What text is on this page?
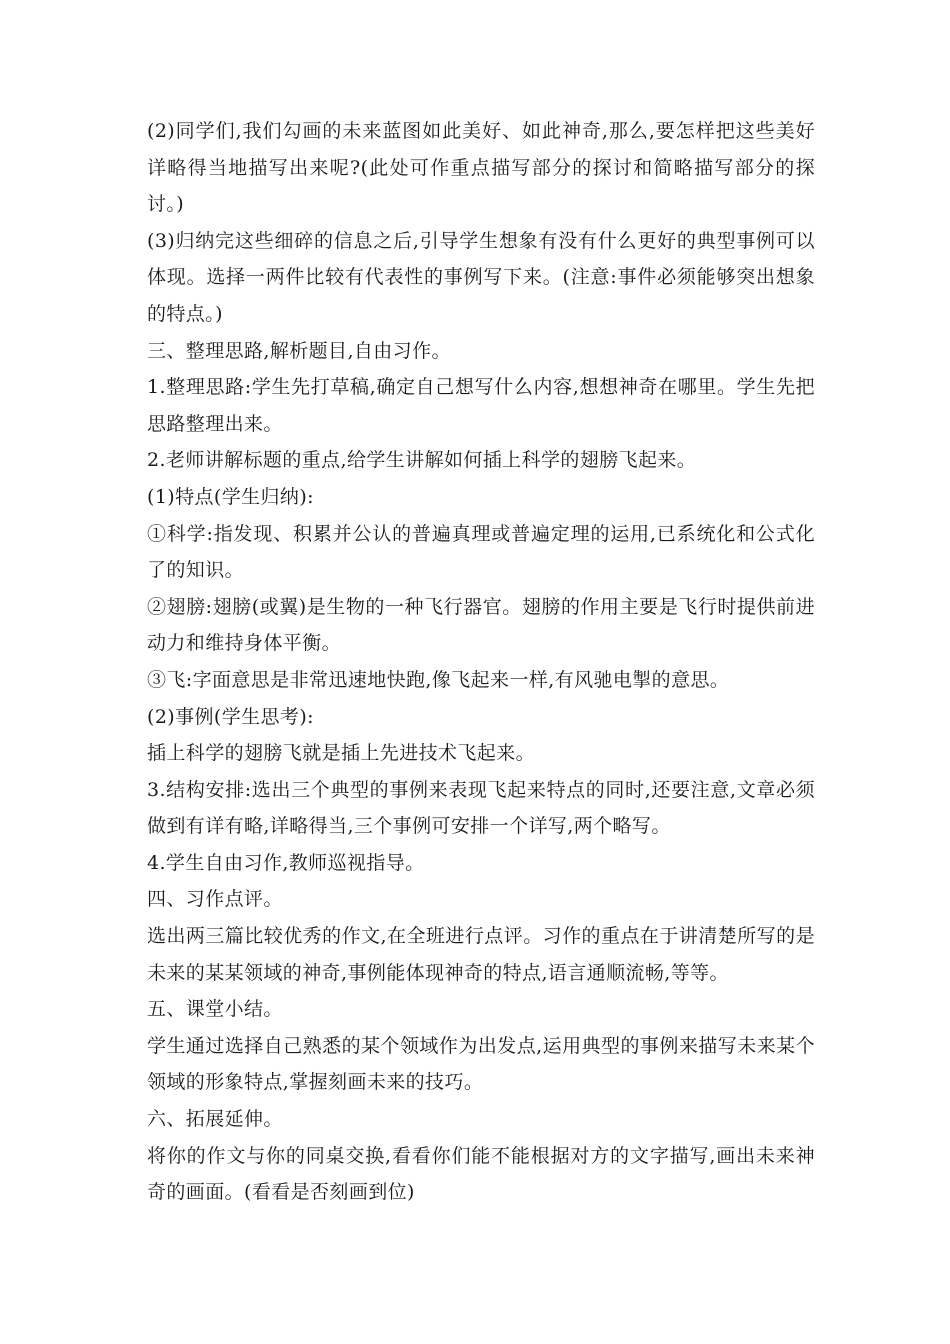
(2)同学们,我们勾画的未来蓝图如此美好、如此神奇,那么,要怎样把这些美好详略得当地描写出来呢?(此处可作重点描写部分的探讨和简略描写部分的探讨。)

(3)归纳完这些细碎的信息之后,引导学生想象有没有什么更好的典型事例可以体现。选择一两件比较有代表性的事例写下来。(注意:事件必须能够突出想象的特点。)

三、整理思路,解析题目,自由习作。

1.整理思路:学生先打草稿,确定自己想写什么内容,想想神奇在哪里。学生先把思路整理出来。

2.老师讲解标题的重点,给学生讲解如何插上科学的翅膀飞起来。

(1)特点(学生归纳):

①科学:指发现、积累并公认的普遍真理或普遍定理的运用,已系统化和公式化了的知识。

②翅膀:翅膀(或翼)是生物的一种飞行器官。翅膀的作用主要是飞行时提供前进动力和维持身体平衡。

③飞:字面意思是非常迅速地快跑,像飞起来一样,有风驰电掣的意思。

(2)事例(学生思考):

插上科学的翅膀飞就是插上先进技术飞起来。

3.结构安排:选出三个典型的事例来表现飞起来特点的同时,还要注意,文章必须做到有详有略,详略得当,三个事例可安排一个详写,两个略写。

4.学生自由习作,教师巡视指导。

四、习作点评。

选出两三篇比较优秀的作文,在全班进行点评。习作的重点在于讲清楚所写的是未来的某某领域的神奇,事例能体现神奇的特点,语言通顺流畅,等等。

五、课堂小结。

学生通过选择自己熟悉的某个领域作为出发点,运用典型的事例来描写未来某个领域的形象特点,掌握刻画未来的技巧。

六、拓展延伸。

将你的作文与你的同桌交换,看看你们能不能根据对方的文字描写,画出未来神奇的画面。(看看是否刻画到位)
